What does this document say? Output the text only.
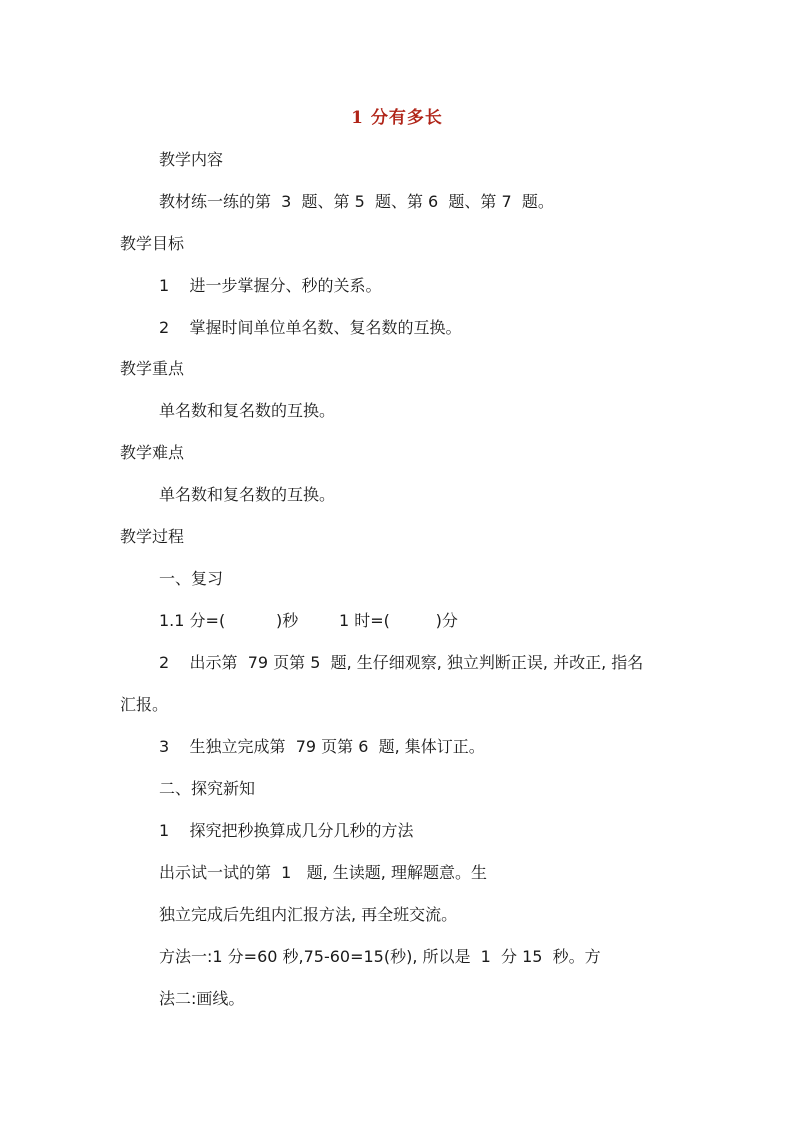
1 分有多长
教学内容
教材练一练的第  3  题、第 5  题、第 6  题、第 7  题。
教学目标
1    进一步掌握分、秒的关系。
2    掌握时间单位单名数、复名数的互换。
教学重点
单名数和复名数的互换。
教学难点
单名数和复名数的互换。
教学过程
一、复习
1.1 分=(          )秒        1 时=(         )分
2    出示第  79 页第 5  题, 生仔细观察, 独立判断正误, 并改正, 指名
汇报。
3    生独立完成第  79 页第 6  题, 集体订正。
二、探究新知
1    探究把秒换算成几分几秒的方法
出示试一试的第  1   题, 生读题, 理解题意。生
独立完成后先组内汇报方法, 再全班交流。
方法一:1 分=60 秒,75-60=15(秒), 所以是  1  分 15  秒。方
法二:画线。
